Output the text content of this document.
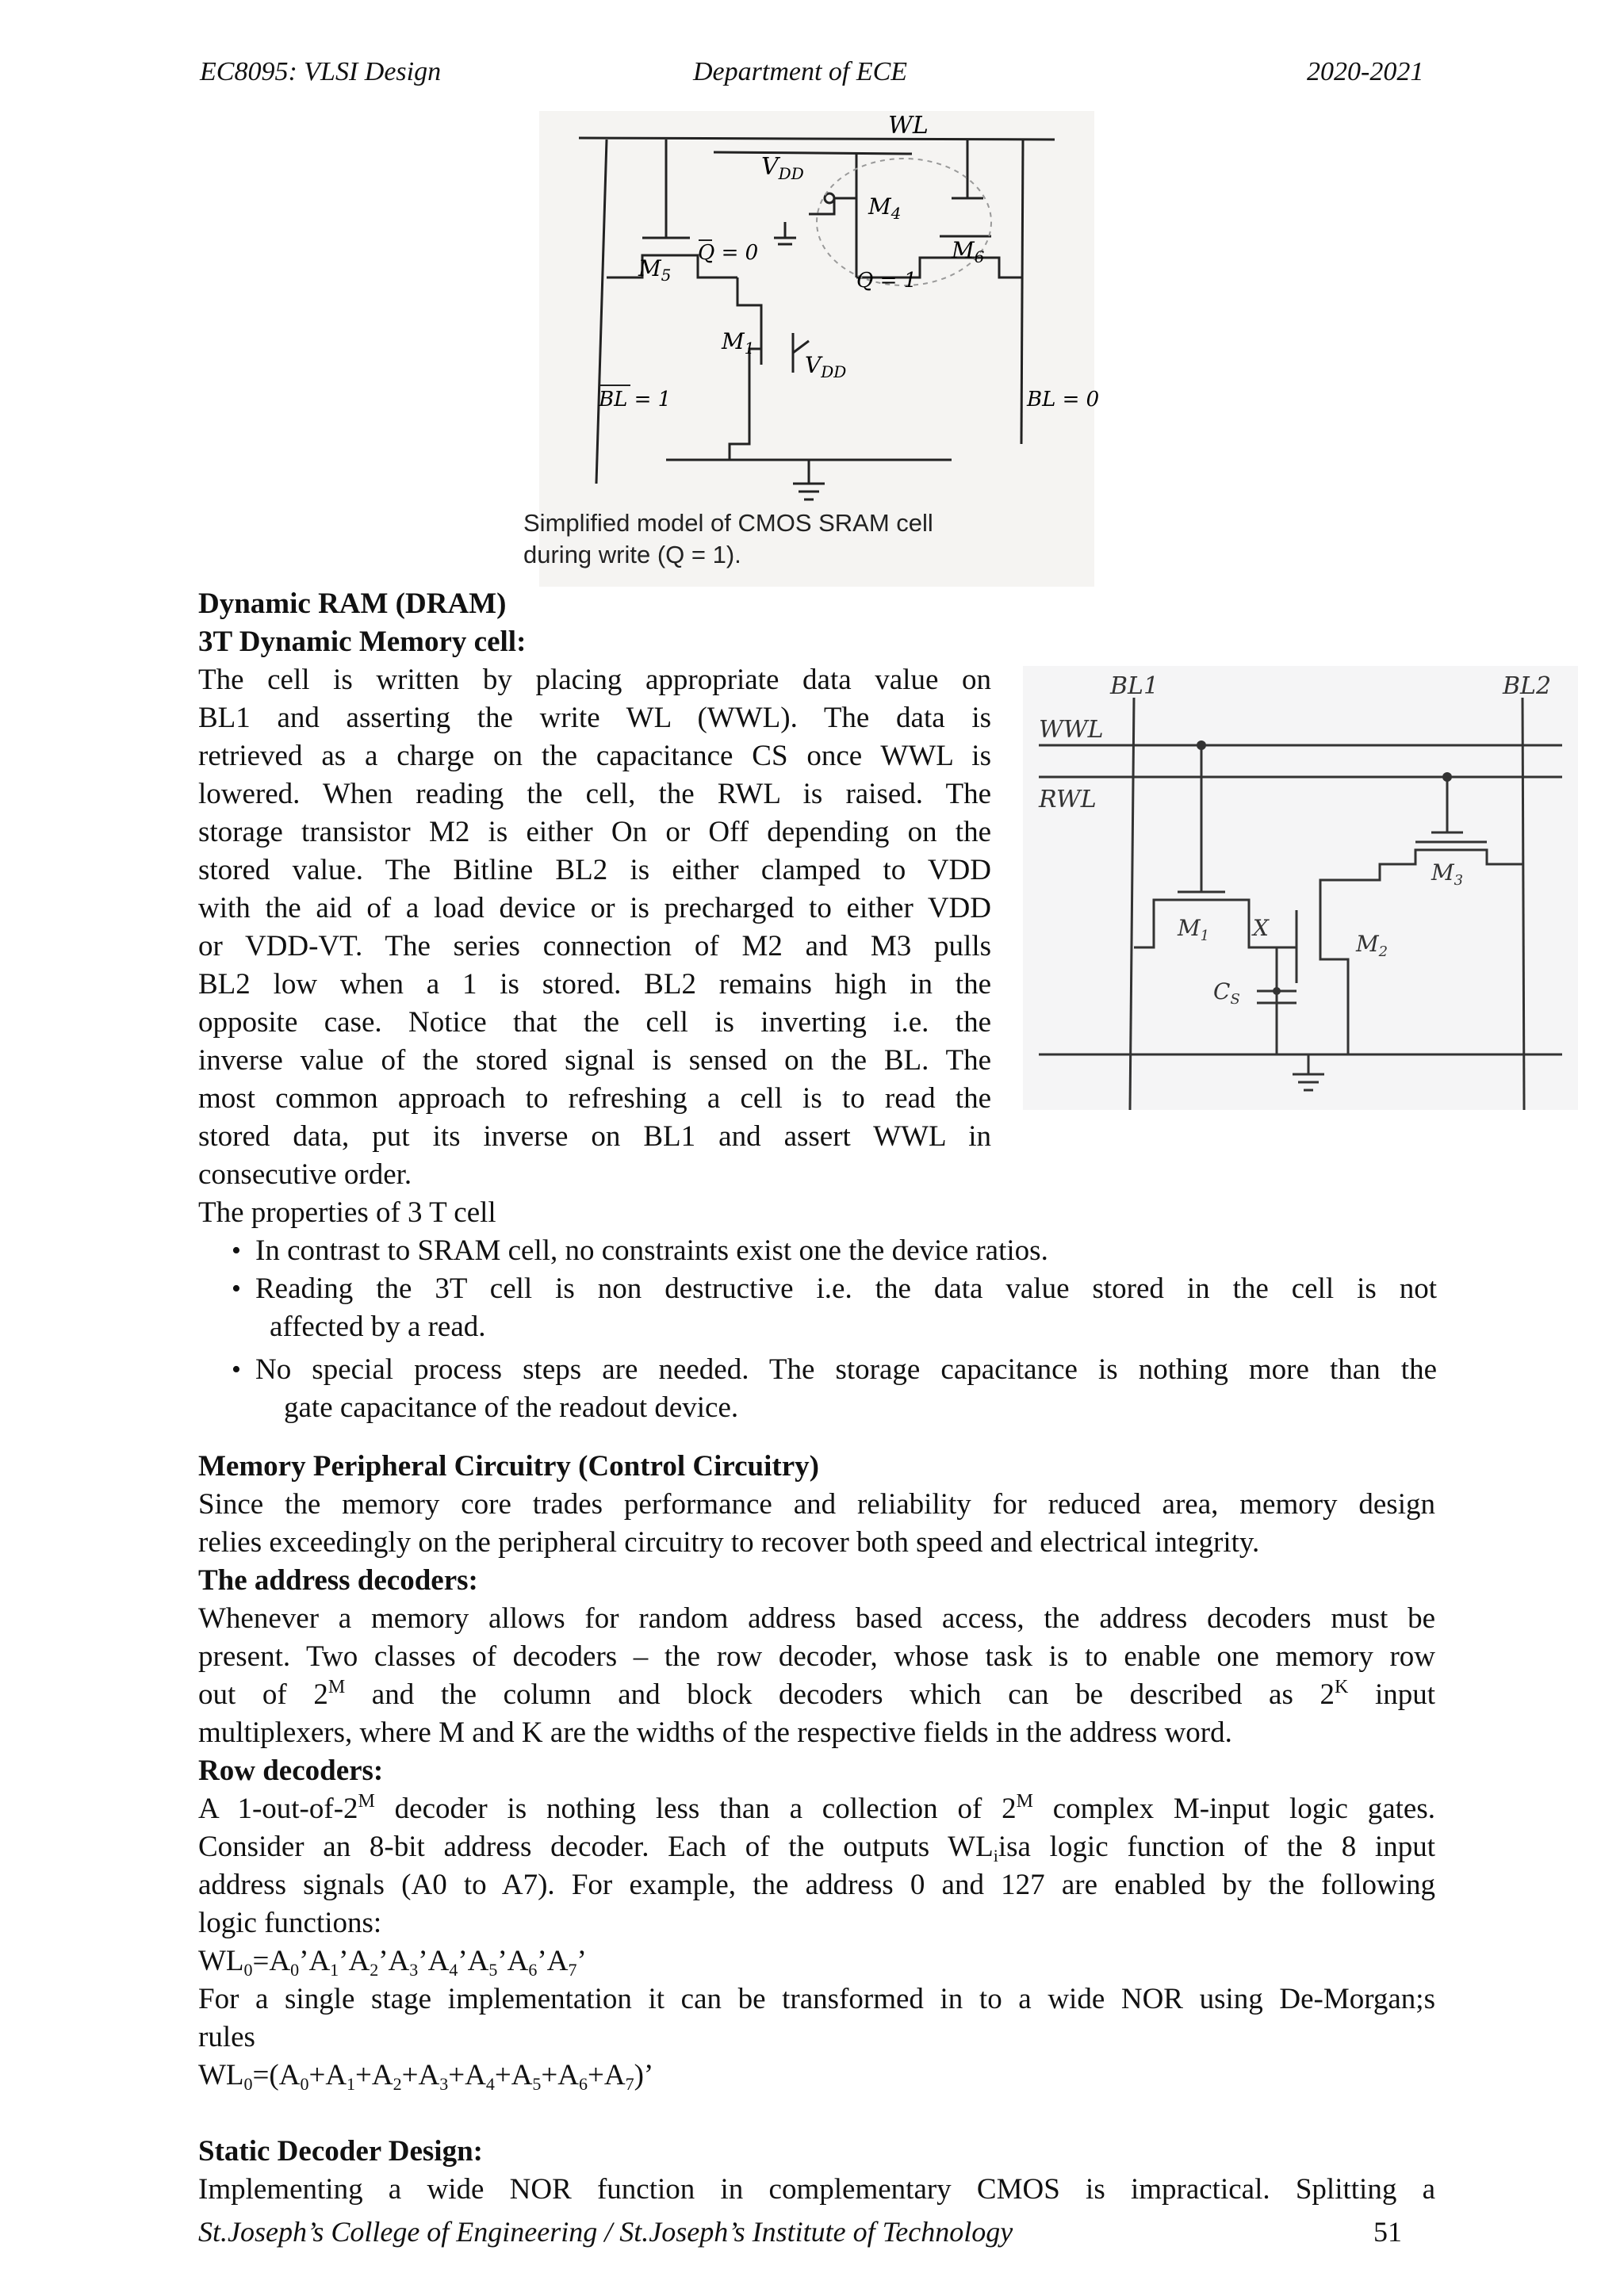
EC8095: VLSI Design	Department of ECE	2020-2021
WL
$V_{DD}$
$M_4$
$M_6$
$M_5$
$M_1$
Q = 0
Q = 1
$V_{DD}$
BL = 1	BL = 0
Simplified model of CMOS SRAM cell
during write (Q = 1).
BL1	BL2
WWL
RWL
$M_1$	$M_2$
$M_3$
X
$C_S$
Dynamic RAM (DRAM)
3T Dynamic Memory cell:
The cell is written by placing appropriate data value on
BL1 and asserting the write WL (WWL). The data is
retrieved as a charge on the capacitance CS once WWL is
lowered. When reading the cell, the RWL is raised. The
storage transistor M2 is either On or Off depending on the
stored value. The Bitline BL2 is either clamped to VDD
with the aid of a load device or is precharged to either VDD
or VDD-VT. The series connection of M2 and M3 pulls
BL2 low when a 1 is stored. BL2 remains high in the
opposite case. Notice that the cell is inverting i.e. the
inverse value of the stored signal is sensed on the BL. The
most common approach to refreshing a cell is to read the
stored data, put its inverse on BL1 and assert WWL in
consecutive order.
The properties of 3 T cell
• In contrast to SRAM cell, no constraints exist one the device ratios.
• Reading the 3T cell is non destructive i.e. the data value stored in the cell is not
affected by a read.
• No special process steps are needed. The storage capacitance is nothing more than the
gate capacitance of the readout device.
Memory Peripheral Circuitry (Control Circuitry)
Since the memory core trades performance and reliability for reduced area, memory design
relies exceedingly on the peripheral circuitry to recover both speed and electrical integrity.
The address decoders:
Whenever a memory allows for random address based access, the address decoders must be
present. Two classes of decoders – the row decoder, whose task is to enable one memory row
out of $2^M$ and the column and block decoders which can be described as $2^K$ input
multiplexers, where M and K are the widths of the respective fields in the address word.
Row decoders:
A $1-out-of-2^M$ decoder is nothing less than a collection of $2^M$ complex M-input logic gates.
Consider an 8-bit address decoder. Each of the outputs $WL_iisa$ logic function of the 8 input
address signals (A0 to A7). For example, the address 0 and 127 are enabled by the following
logic functions:
$WL_0=A_0’A_1’A_2’A_3’A_4’A_5’A_6’A_7$’
For a single stage implementation it can be transformed in to a wide NOR using De-Morgan;s
rules
$WL_0=(A_0+A_1+A_2+A_3+A_4+A_5+A_6+A_7)$’
Static Decoder Design:
Implementing a wide NOR function in complementary CMOS is impractical. Splitting a
St.Joseph’s College of Engineering / St.Joseph’s Institute of Technology	51
